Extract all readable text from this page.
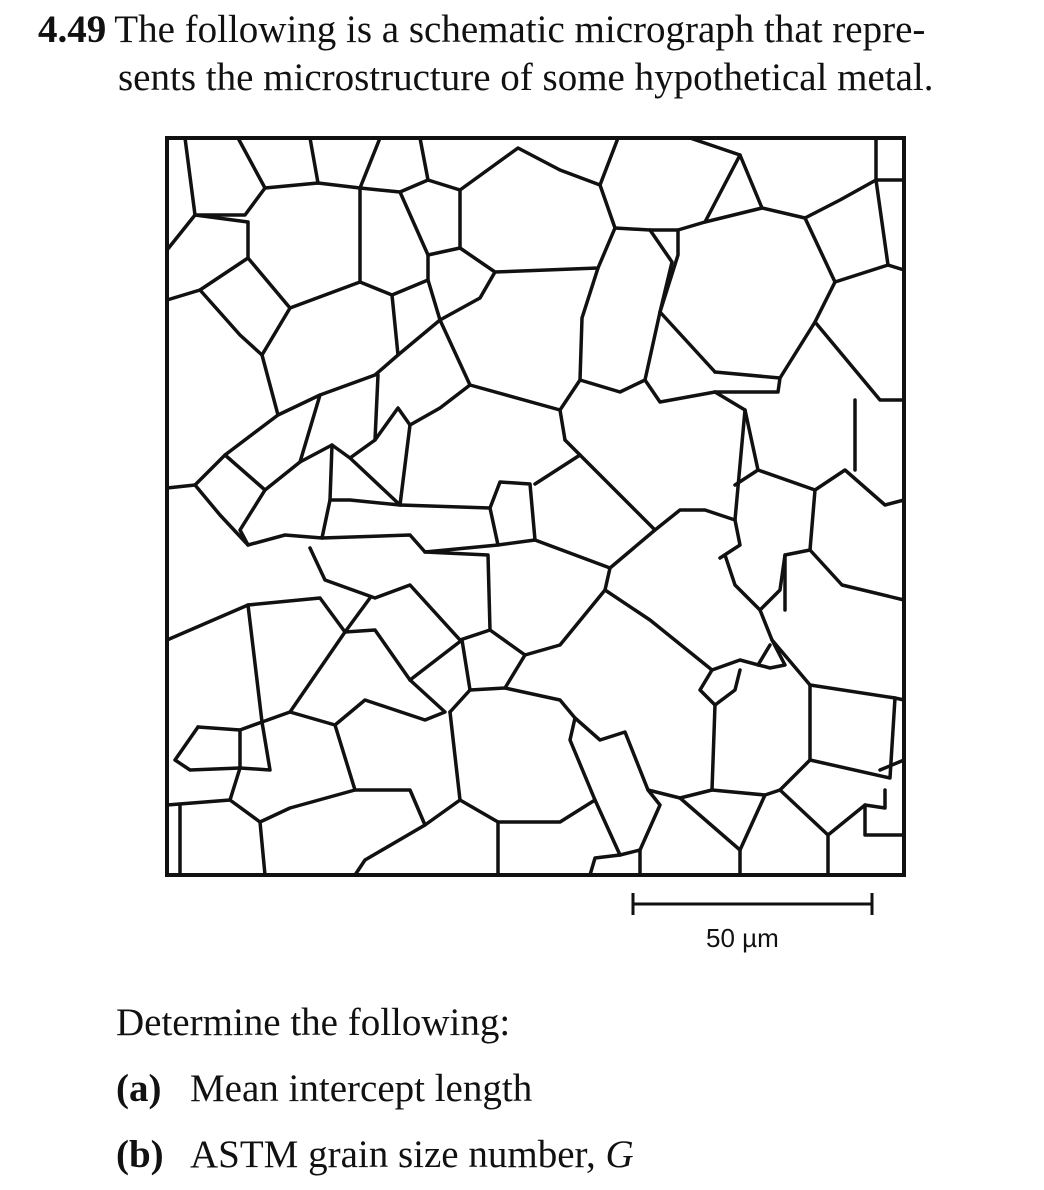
4.49 The following is a schematic micrograph that repre-
sents the microstructure of some hypothetical metal.
50 µm
Determine the following:
(a) Mean intercept length
(b) ASTM grain size number, G
